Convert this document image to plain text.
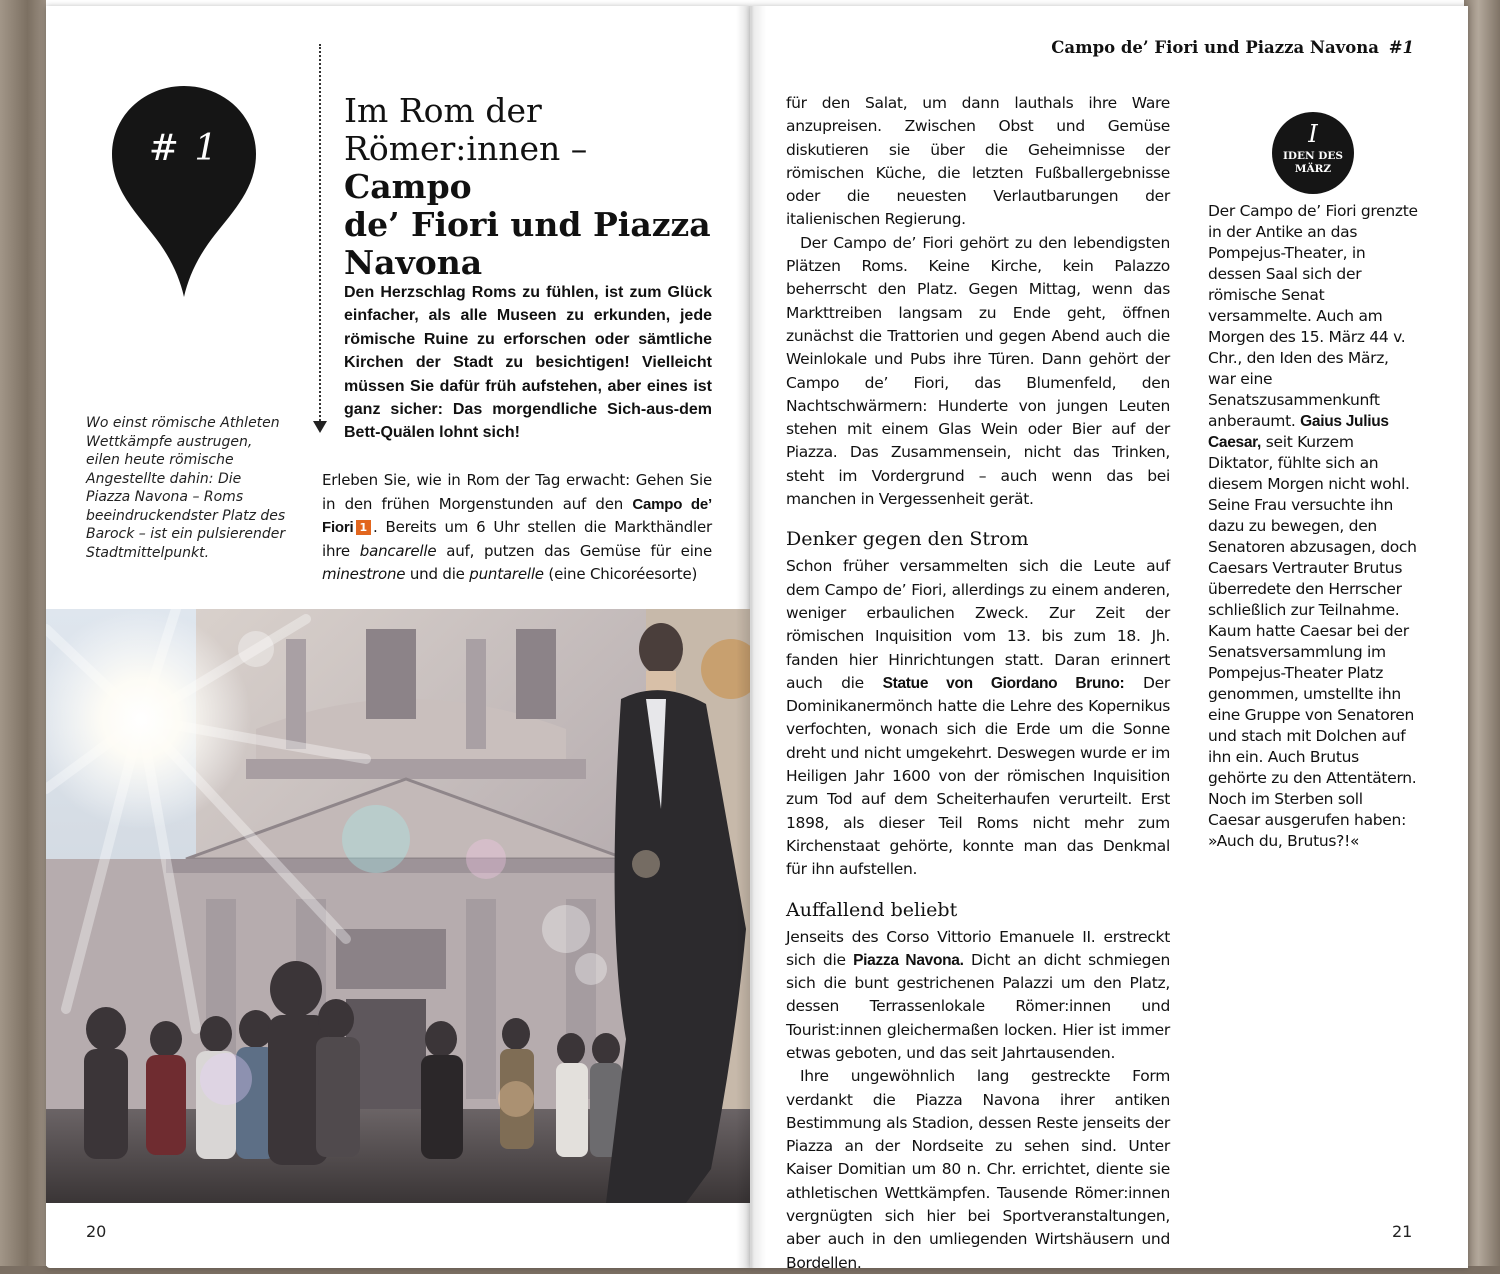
# 1
Im Rom der
Römer:innen – Campo
de’ Fiori und Piazza
Navona
Den Herzschlag Roms zu fühlen, ist zum Glück einfacher, als alle Museen zu erkunden, jede römische Ruine zu erforschen oder sämtliche Kirchen der Stadt zu besichtigen! Vielleicht müssen Sie dafür früh aufstehen, aber eines ist ganz sicher: Das morgendliche Sich-aus-dem Bett-Quälen lohnt sich!
Wo einst römische Athleten Wettkämpfe austrugen, eilen heute römische Angestellte dahin: Die Piazza Navona – Roms beeindruckendster Platz des Barock – ist ein pulsierender Stadtmittelpunkt.
Erleben Sie, wie in Rom der Tag erwacht: Gehen Sie in den frühen Morgenstunden auf den Campo de’ Fiori 1 . Bereits um 6 Uhr stellen die Markthändler ihre bancarelle auf, putzen das Gemüse für eine minestrone und die puntarelle (eine Chicoréesorte)
20
Campo de’ Fiori und Piazza Navona #1

für den Salat, um dann lauthals ihre Ware anzupreisen. Zwischen Obst und Gemüse diskutieren sie über die Geheimnisse der römischen Küche, die letzten Fußballergebnisse oder die neuesten Verlautbarungen der italienischen Regierung.

Der Campo de’ Fiori gehört zu den lebendigsten Plätzen Roms. Keine Kirche, kein Palazzo beherrscht den Platz. Gegen Mittag, wenn das Markttreiben langsam zu Ende geht, öffnen zunächst die Trattorien und gegen Abend auch die Weinlokale und Pubs ihre Türen. Dann gehört der Campo de’ Fiori, das Blumenfeld, den Nachtschwärmern: Hunderte von jungen Leuten stehen mit einem Glas Wein oder Bier auf der Piazza. Das Zusammensein, nicht das Trinken, steht im Vordergrund – auch wenn das bei manchen in Vergessenheit gerät.

Denker gegen den Strom

Schon früher versammelten sich die Leute auf dem Campo de’ Fiori, allerdings zu einem anderen, weniger erbaulichen Zweck. Zur Zeit der römischen Inquisition vom 13. bis zum 18. Jh. fanden hier Hinrichtungen statt. Daran erinnert auch die Statue von Giordano Bruno: Der Dominikanermönch hatte die Lehre des Kopernikus verfochten, wonach sich die Erde um die Sonne dreht und nicht umgekehrt. Deswegen wurde er im Heiligen Jahr 1600 von der römischen Inquisition zum Tod auf dem Scheiterhaufen verurteilt. Erst 1898, als dieser Teil Roms nicht mehr zum Kirchenstaat gehörte, konnte man das Denkmal für ihn aufstellen.

Auffallend beliebt

Jenseits des Corso Vittorio Emanuele II. erstreckt sich die Piazza Navona. Dicht an dicht schmiegen sich die bunt gestrichenen Palazzi um den Platz, dessen Terrassenlokale Römer:innen und Tourist:innen gleichermaßen locken. Hier ist immer etwas geboten, und das seit Jahrtausenden.

Ihre ungewöhnlich lang gestreckte Form verdankt die Piazza Navona ihrer antiken Bestimmung als Stadion, dessen Reste jenseits der Piazza an der Nordseite zu sehen sind. Unter Kaiser Domitian um 80 n. Chr. errichtet, diente sie athletischen Wettkämpfen. Tausende Römer:innen vergnügten sich hier bei Sportveranstaltungen, aber auch in den umliegenden Wirtshäusern und Bordellen.

I
IDEN DES MÄRZ
Der Campo de’ Fiori grenzte in der Antike an das Pompejus-Theater, in dessen Saal sich der römische Senat versammelte. Auch am Morgen des 15. März 44 v. Chr., den Iden des März, war eine Senatszusammenkunft anberaumt. Gaius Julius Caesar, seit Kurzem Diktator, fühlte sich an diesem Morgen nicht wohl. Seine Frau versuchte ihn dazu zu bewegen, den Senatoren abzusagen, doch Caesars Vertrauter Brutus überredete den Herrscher schließlich zur Teilnahme. Kaum hatte Caesar bei der Senatsversammlung im Pompejus-Theater Platz genommen, umstellte ihn eine Gruppe von Senatoren und stach mit Dolchen auf ihn ein. Auch Brutus gehörte zu den Attentätern. Noch im Sterben soll Caesar ausgerufen haben: »Auch du, Brutus?!«
21
